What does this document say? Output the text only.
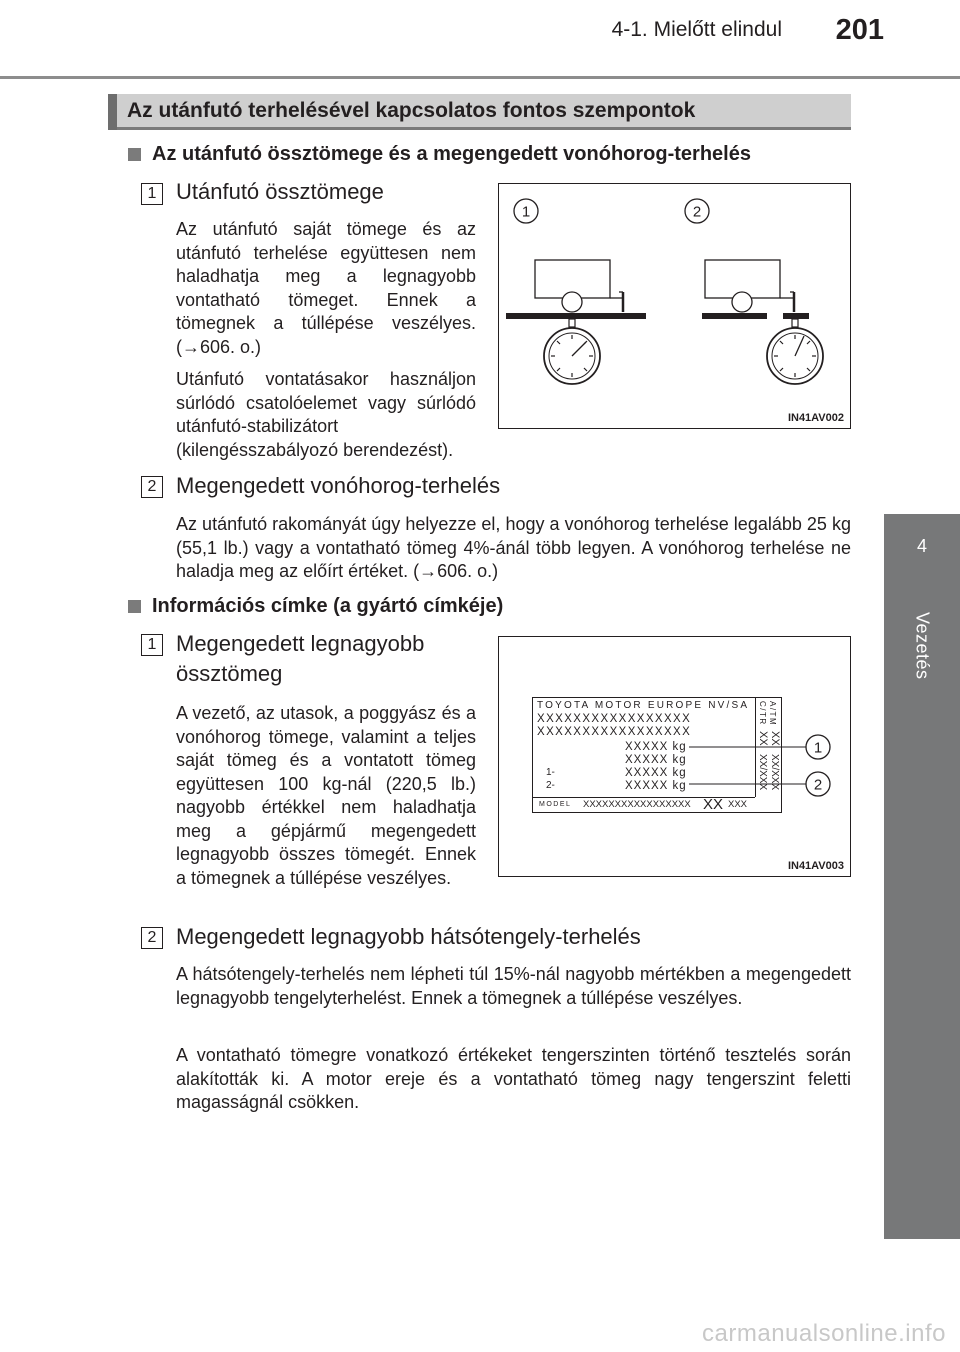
4-1. Mielőtt elindul 201
4
Vezetés
Az utánfutó terhelésével kapcsolatos fontos szempontok
Az utánfutó össztömege és a megengedett vonóhorog-terhelés
1 Utánfutó össztömege
Az utánfutó saját tömege és az utánfutó terhelése együttesen nem haladhatja meg a legnagyobb vontatható tömeget. Ennek a tömegnek a túllépése veszélyes. (→606. o.)
Utánfutó vontatásakor használjon súrlódó csatolóelemet vagy súrlódó utánfutó-stabilizátort (kilengésszabályozó berendezést).
1	2
IN41AV002
2 Megengedett vonóhorog-terhelés
Az utánfutó rakományát úgy helyezze el, hogy a vonóhorog terhelése legalább 25 kg (55,1 lb.) vagy a vontatható tömeg 4%-ánál több legyen. A vonóhorog terhelése ne haladja meg az előírt értéket. (→606. o.)
Információs címke (a gyártó címkéje)
1 Megengedett legnagyobb
össztömeg
A vezető, az utasok, a poggyász és a vonóhorog tömege, valamint a teljes saját tömeg és a vontatott tömeg együttesen 100 kg-nál (220,5 lb.) nagyobb értékkel nem haladhatja meg a gépjármű megengedett legnagyobb összes tömegét. Ennek a tömegnek a túllépése veszélyes.
TOYOTA MOTOR EUROPE NV/SA
XXXXXXXXXXXXXXXXX
XXXXXXXXXXXXXXXXX
XXXXX kg
XXXXX kg
1-	XXXXX kg
2-	XXXXX kg
MODEL XXXXXXXXXXXXXXXXX XX XXX
C/TR A/TM
XX XX
XX/XXX XX/XXX
1
2
IN41AV003
2 Megengedett legnagyobb hátsótengely-terhelés
A hátsótengely-terhelés nem lépheti túl 15%-nál nagyobb mértékben a megengedett legnagyobb tengelyterhelést. Ennek a tömegnek a túllépése veszélyes.
A vontatható tömegre vonatkozó értékeket tengerszinten történő tesztelés során alakították ki. A motor ereje és a vontatható tömeg nagy tengerszint feletti magasságnál csökken.
carmanualsonline.info
